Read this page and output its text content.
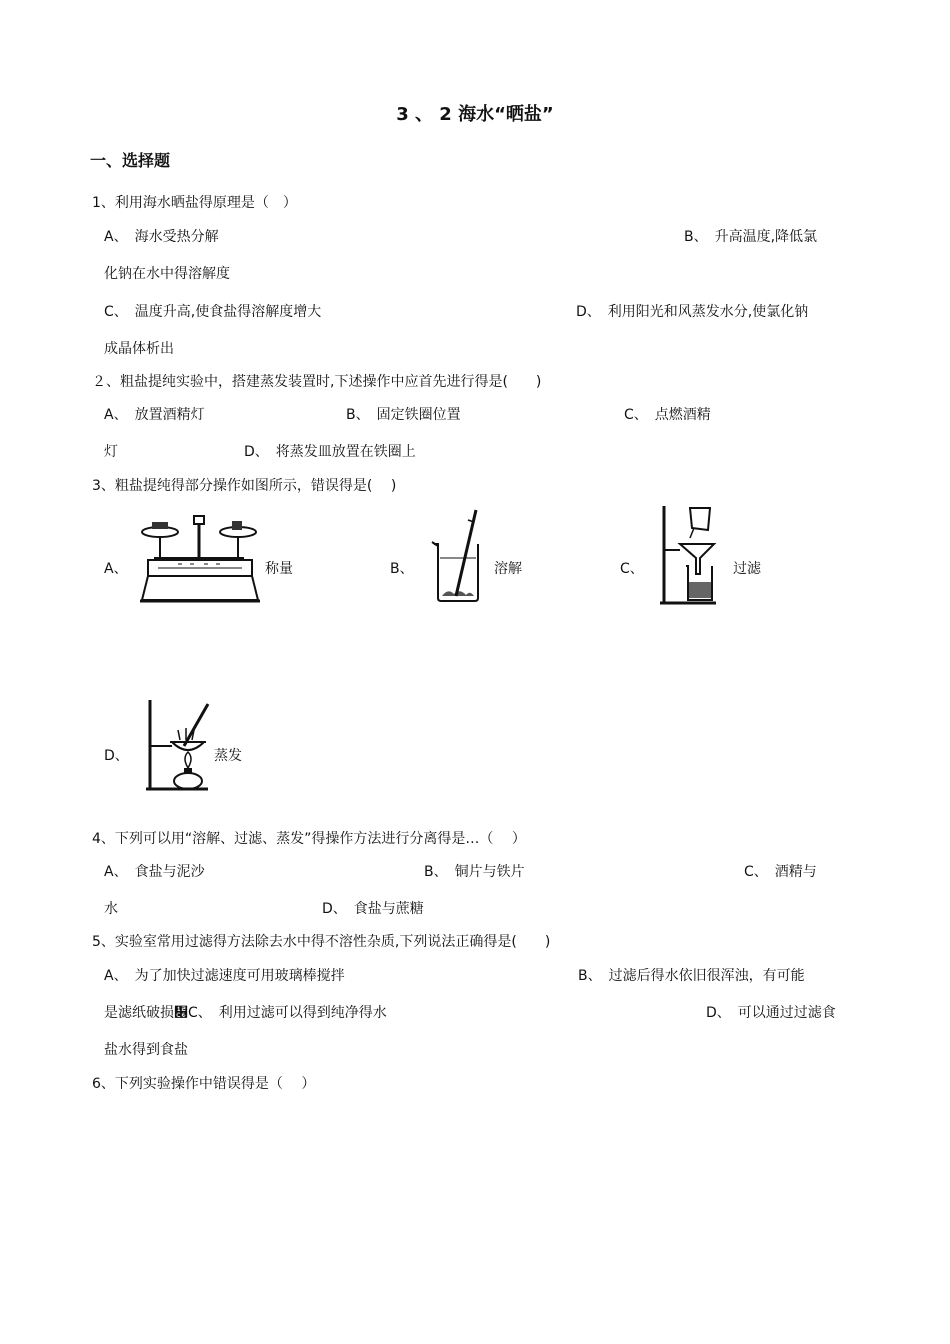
3 、 2 海水“晒盐”
一、选择题
1、利用海水晒盐得原理是（　）
A、　海水受热分解	B、　升高温度,降低氯
化钠在水中得溶解度
C、　温度升高,使食盐得溶解度增大	D、　利用阳光和风蒸发水分,使氯化钠
成晶体析出
２、粗盐提纯实验中，搭建蒸发装置时,下述操作中应首先进行得是(　　)
A、　放置酒精灯	B、　固定铁圈位置	C、　点燃酒精
灯	D、　将蒸发皿放置在铁圈上
3、粗盐提纯得部分操作如图所示，错误得是(　 )
A、	称量	B、	溶解	C、	过滤
D、	蒸发
4、下列可以用“溶解、过滤、蒸发”得操作方法进行分离得是…（　 ）
A、　食盐与泥沙	B、　铜片与铁片	C、　酒精与
水	D、　食盐与蔗糖
5、实验室常用过滤得方法除去水中得不溶性杂质,下列说法正确得是(　　)
A、　为了加快过滤速度可用玻璃棒搅拌	B、　过滤后得水依旧很浑浊，有可能
是滤纸破损዆C、　利用过滤可以得到纯净得水	D、　可以通过过滤食
盐水得到食盐
6、下列实验操作中错误得是（　 ）
